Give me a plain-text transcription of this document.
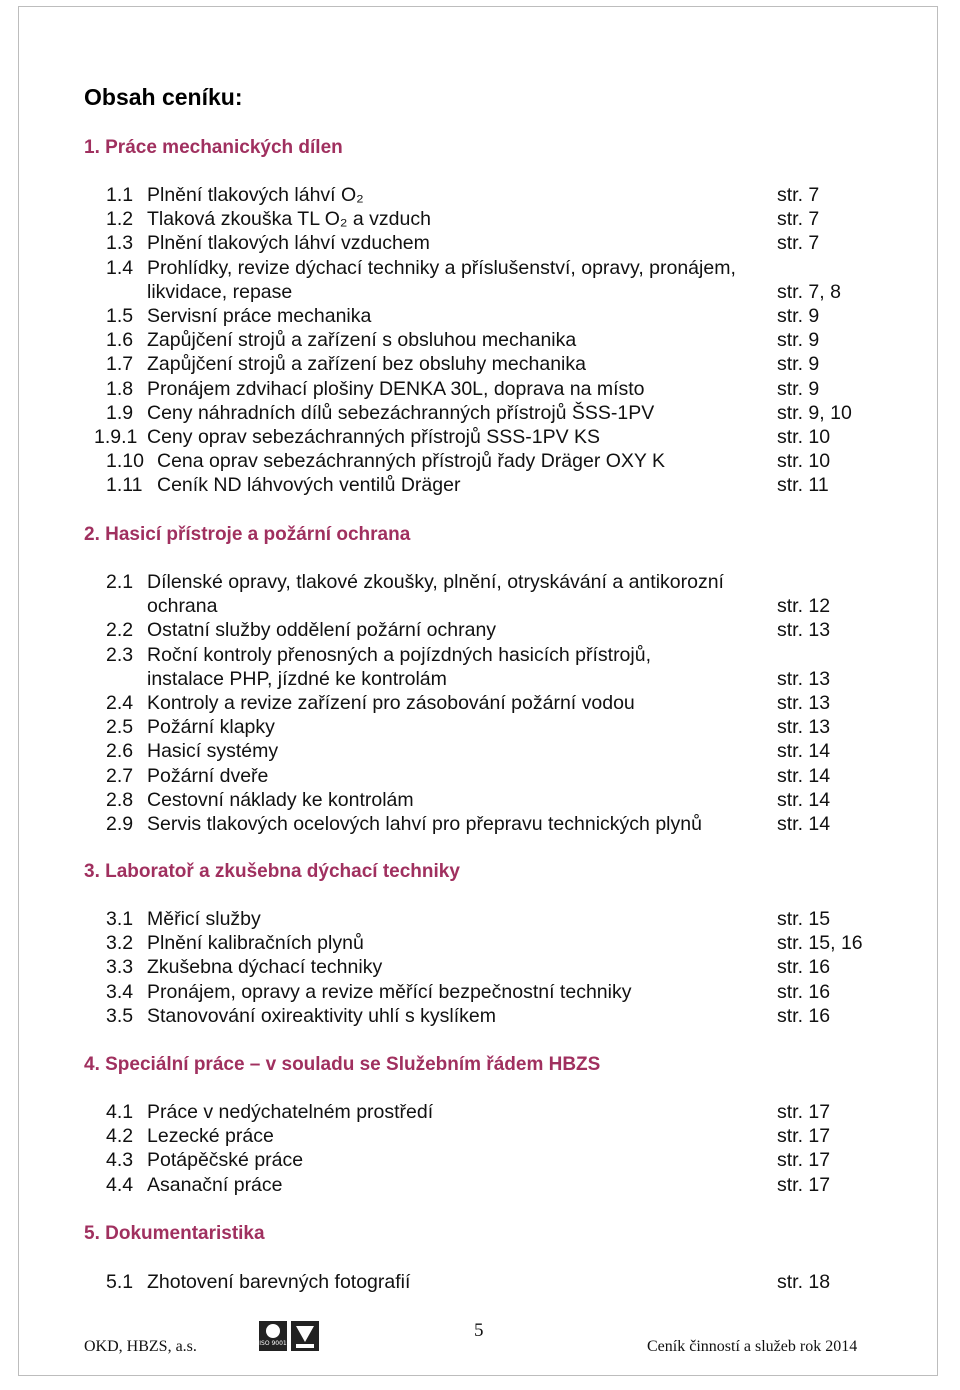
Obsah ceníku:
1. Práce mechanických dílen
1.1 Plnění tlakových láhví O₂	str. 7
1.2 Tlaková zkouška TL O₂ a vzduch	str. 7
1.3 Plnění tlakových láhví vzduchem	str. 7
1.4 Prohlídky, revize dýchací techniky a příslušenství, opravy, pronájem,
likvidace, repase	str. 7, 8
1.5 Servisní práce mechanika	str. 9
1.6 Zapůjčení strojů a zařízení s obsluhou mechanika	str. 9
1.7 Zapůjčení strojů a zařízení bez obsluhy mechanika	str. 9
1.8 Pronájem zdvihací plošiny DENKA 30L, doprava na místo	str. 9
1.9 Ceny náhradních dílů sebezáchranných přístrojů ŠSS-1PV	str. 9, 10
1.9.1 Ceny oprav sebezáchranných přístrojů SSS-1PV KS	str. 10
1.10 Cena oprav sebezáchranných přístrojů řady Dräger OXY K	str. 10
1.11 Ceník ND láhvových ventilů Dräger	str. 11
2. Hasicí přístroje a požární ochrana
2.1 Dílenské opravy, tlakové zkoušky, plnění, otryskávání a antikorozní
ochrana	str. 12
2.2 Ostatní služby oddělení požární ochrany	str. 13
2.3 Roční kontroly přenosných a pojízdných hasicích přístrojů,
instalace PHP, jízdné ke kontrolám	str. 13
2.4 Kontroly a revize zařízení pro zásobování požární vodou	str. 13
2.5 Požární klapky	str. 13
2.6 Hasicí systémy	str. 14
2.7 Požární dveře	str. 14
2.8 Cestovní náklady ke kontrolám	str. 14
2.9 Servis tlakových ocelových lahví pro přepravu technických plynů	str. 14
3. Laboratoř a zkušebna dýchací techniky
3.1 Měřicí služby	str. 15
3.2 Plnění kalibračních plynů	str. 15, 16
3.3 Zkušebna dýchací techniky	str. 16
3.4 Pronájem, opravy a revize měřící bezpečnostní techniky	str. 16
3.5 Stanovování oxireaktivity uhlí s kyslíkem	str. 16
4. Speciální práce – v souladu se Služebním řádem HBZS
4.1 Práce v nedýchatelném prostředí	str. 17
4.2 Lezecké práce	str. 17
4.3 Potápěčské práce	str. 17
4.4 Asanační práce	str. 17
5. Dokumentaristika
5.1 Zhotovení barevných fotografií	str. 18
ISO 9001
5
OKD, HBZS, a.s.	Ceník činností a služeb rok 2014
